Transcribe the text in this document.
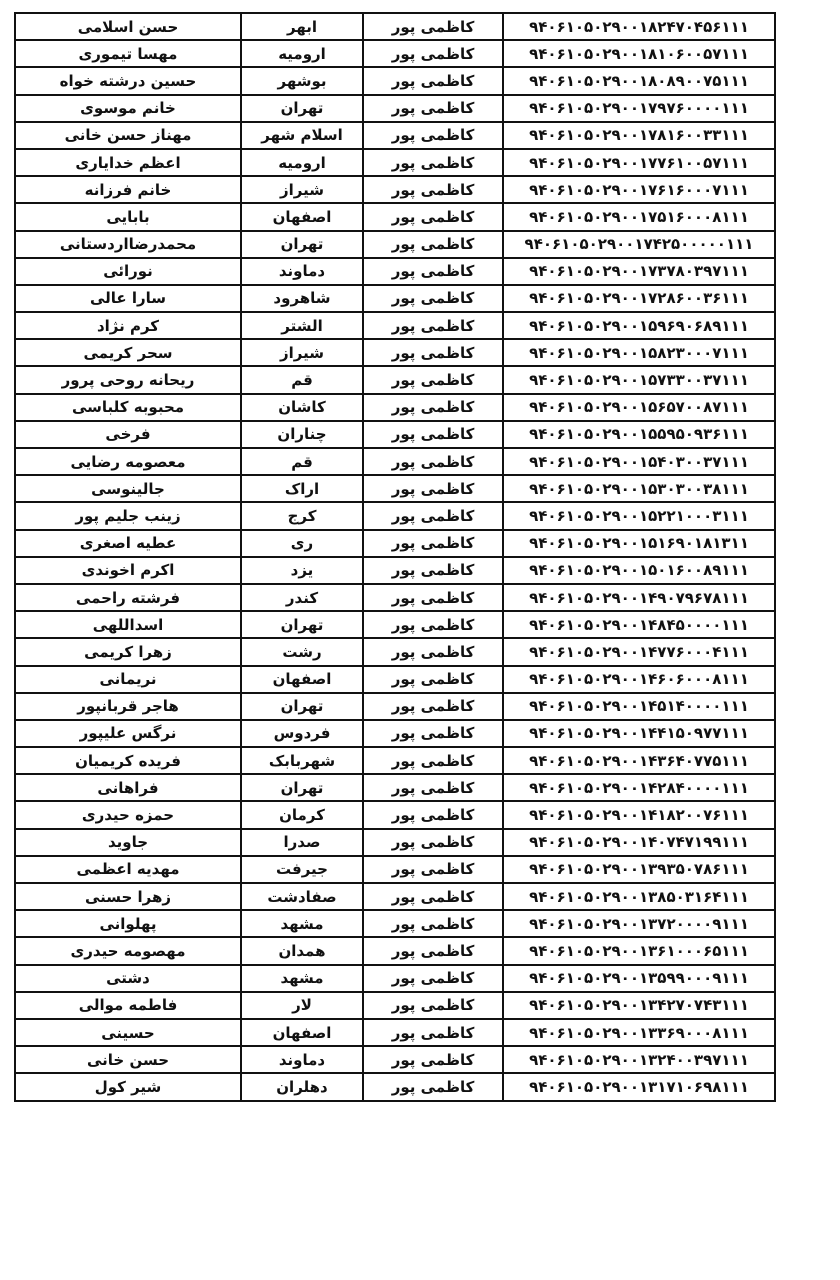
حسن اسلامی	ابهر	کاظمی پور	۹۴۰۶۱۰۵۰۲۹۰۰۱۸۲۴۷۰۴۵۶۱۱۱
مهسا تیموری	ارومیه	کاظمی پور	۹۴۰۶۱۰۵۰۲۹۰۰۱۸۱۰۶۰۰۵۷۱۱۱
حسین درشته خواه	بوشهر	کاظمی پور	۹۴۰۶۱۰۵۰۲۹۰۰۱۸۰۸۹۰۰۷۵۱۱۱
خانم موسوی	تهران	کاظمی پور	۹۴۰۶۱۰۵۰۲۹۰۰۱۷۹۷۶۰۰۰۰۱۱۱
مهناز حسن خانی	اسلام شهر	کاظمی پور	۹۴۰۶۱۰۵۰۲۹۰۰۱۷۸۱۶۰۰۳۳۱۱۱
اعظم خدایاری	ارومیه	کاظمی پور	۹۴۰۶۱۰۵۰۲۹۰۰۱۷۷۶۱۰۰۵۷۱۱۱
خانم فرزانه	شیراز	کاظمی پور	۹۴۰۶۱۰۵۰۲۹۰۰۱۷۶۱۶۰۰۰۷۱۱۱
بابایی	اصفهان	کاظمی پور	۹۴۰۶۱۰۵۰۲۹۰۰۱۷۵۱۶۰۰۰۸۱۱۱
محمدرضااردستانی	تهران	کاظمی پور	۹۴۰۶۱۰۵۰۲۹۰۰۱۷۴۲۵۰۰۰۰۰۱۱۱
نورائی	دماوند	کاظمی پور	۹۴۰۶۱۰۵۰۲۹۰۰۱۷۳۷۸۰۳۹۷۱۱۱
سارا عالی	شاهرود	کاظمی پور	۹۴۰۶۱۰۵۰۲۹۰۰۱۷۲۸۶۰۰۳۶۱۱۱
کرم نژاد	الشتر	کاظمی پور	۹۴۰۶۱۰۵۰۲۹۰۰۱۵۹۶۹۰۶۸۹۱۱۱
سحر کریمی	شیراز	کاظمی پور	۹۴۰۶۱۰۵۰۲۹۰۰۱۵۸۲۳۰۰۰۷۱۱۱
ریحانه روحی پرور	قم	کاظمی پور	۹۴۰۶۱۰۵۰۲۹۰۰۱۵۷۳۳۰۰۳۷۱۱۱
محبوبه کلباسی	کاشان	کاظمی پور	۹۴۰۶۱۰۵۰۲۹۰۰۱۵۶۵۷۰۰۸۷۱۱۱
فرخی	چناران	کاظمی پور	۹۴۰۶۱۰۵۰۲۹۰۰۱۵۵۹۵۰۹۳۶۱۱۱
معصومه رضایی	قم	کاظمی پور	۹۴۰۶۱۰۵۰۲۹۰۰۱۵۴۰۳۰۰۳۷۱۱۱
جالینوسی	اراک	کاظمی پور	۹۴۰۶۱۰۵۰۲۹۰۰۱۵۳۰۳۰۰۳۸۱۱۱
زینب جلیم پور	کرج	کاظمی پور	۹۴۰۶۱۰۵۰۲۹۰۰۱۵۲۲۱۰۰۰۳۱۱۱
عطیه اصغری	ری	کاظمی پور	۹۴۰۶۱۰۵۰۲۹۰۰۱۵۱۶۹۰۱۸۱۳۱۱
اکرم اخوندی	یزد	کاظمی پور	۹۴۰۶۱۰۵۰۲۹۰۰۱۵۰۱۶۰۰۸۹۱۱۱
فرشته راحمی	کندر	کاظمی پور	۹۴۰۶۱۰۵۰۲۹۰۰۱۴۹۰۷۹۶۷۸۱۱۱
اسداللهی	تهران	کاظمی پور	۹۴۰۶۱۰۵۰۲۹۰۰۱۴۸۴۵۰۰۰۰۱۱۱
زهرا کریمی	رشت	کاظمی پور	۹۴۰۶۱۰۵۰۲۹۰۰۱۴۷۷۶۰۰۰۴۱۱۱
نریمانی	اصفهان	کاظمی پور	۹۴۰۶۱۰۵۰۲۹۰۰۱۴۶۰۶۰۰۰۸۱۱۱
هاجر قربانپور	تهران	کاظمی پور	۹۴۰۶۱۰۵۰۲۹۰۰۱۴۵۱۴۰۰۰۰۱۱۱
نرگس علیپور	فردوس	کاظمی پور	۹۴۰۶۱۰۵۰۲۹۰۰۱۴۴۱۵۰۹۷۷۱۱۱
فریده کریمیان	شهربابک	کاظمی پور	۹۴۰۶۱۰۵۰۲۹۰۰۱۴۳۶۴۰۷۷۵۱۱۱
فراهانی	تهران	کاظمی پور	۹۴۰۶۱۰۵۰۲۹۰۰۱۴۲۸۴۰۰۰۰۱۱۱
حمزه حیدری	کرمان	کاظمی پور	۹۴۰۶۱۰۵۰۲۹۰۰۱۴۱۸۲۰۰۷۶۱۱۱
جاوید	صدرا	کاظمی پور	۹۴۰۶۱۰۵۰۲۹۰۰۱۴۰۷۴۷۱۹۹۱۱۱
مهدیه اعظمی	جیرفت	کاظمی پور	۹۴۰۶۱۰۵۰۲۹۰۰۱۳۹۳۵۰۷۸۶۱۱۱
زهرا حسنی	صفادشت	کاظمی پور	۹۴۰۶۱۰۵۰۲۹۰۰۱۳۸۵۰۳۱۶۴۱۱۱
پهلوانی	مشهد	کاظمی پور	۹۴۰۶۱۰۵۰۲۹۰۰۱۳۷۲۰۰۰۰۹۱۱۱
مهصومه حیدری	همدان	کاظمی پور	۹۴۰۶۱۰۵۰۲۹۰۰۱۳۶۱۰۰۰۶۵۱۱۱
دشتی	مشهد	کاظمی پور	۹۴۰۶۱۰۵۰۲۹۰۰۱۳۵۹۹۰۰۰۹۱۱۱
فاطمه موالی	لار	کاظمی پور	۹۴۰۶۱۰۵۰۲۹۰۰۱۳۴۲۷۰۷۴۳۱۱۱
حسینی	اصفهان	کاظمی پور	۹۴۰۶۱۰۵۰۲۹۰۰۱۳۳۶۹۰۰۰۸۱۱۱
حسن خانی	دماوند	کاظمی پور	۹۴۰۶۱۰۵۰۲۹۰۰۱۳۲۴۰۰۳۹۷۱۱۱
شیر کول	دهلران	کاظمی پور	۹۴۰۶۱۰۵۰۲۹۰۰۱۳۱۷۱۰۶۹۸۱۱۱
